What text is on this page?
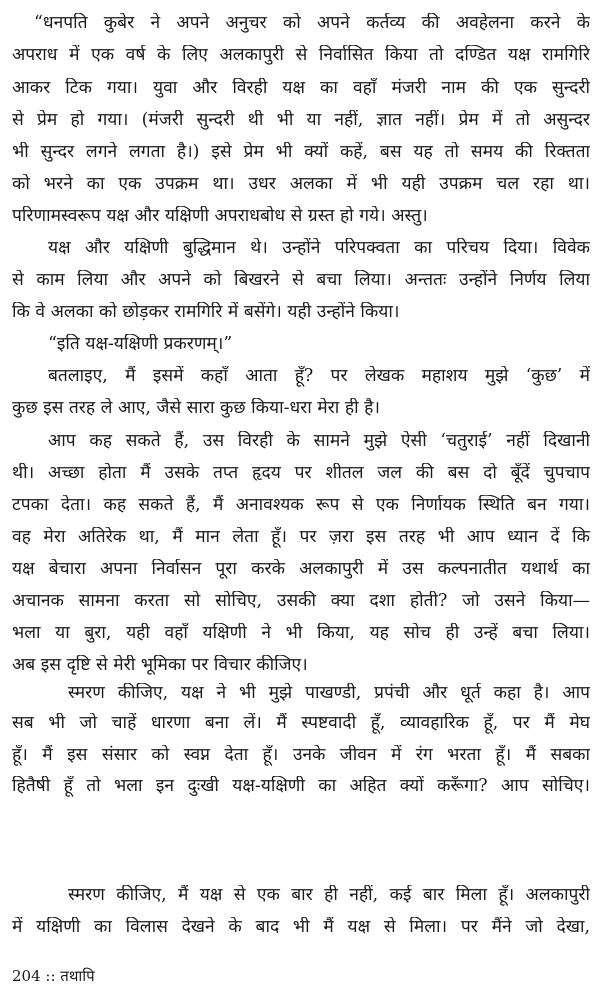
“धनपति कुबेर ने अपने अनुचर को अपने कर्तव्य की अवहेलना करने के
अपराध में एक वर्ष के लिए अलकापुरी से निर्वासित किया तो दण्डित यक्ष रामगिरि
आकर टिक गया। युवा और विरही यक्ष का वहाँ मंजरी नाम की एक सुन्दरी
से प्रेम हो गया। (मंजरी सुन्दरी थी भी या नहीं, ज्ञात नहीं। प्रेम में तो असुन्दर
भी सुन्दर लगने लगता है।) इसे प्रेम भी क्यों कहें, बस यह तो समय की रिक्तता
को भरने का एक उपक्रम था। उधर अलका में भी यही उपक्रम चल रहा था।
परिणामस्वरूप यक्ष और यक्षिणी अपराधबोध से ग्रस्त हो गये। अस्तु।
यक्ष और यक्षिणी बुद्धिमान थे। उन्होंने परिपक्वता का परिचय दिया। विवेक
से काम लिया और अपने को बिखरने से बचा लिया। अन्ततः उन्होंने निर्णय लिया
कि वे अलका को छोड़कर रामगिरि में बसेंगे। यही उन्होंने किया।
“इति यक्ष-यक्षिणी प्रकरणम्।”
बतलाइए, मैं इसमें कहाँ आता हूँ? पर लेखक महाशय मुझे ‘कुछ’ में
कुछ इस तरह ले आए, जैसे सारा कुछ किया-धरा मेरा ही है।
आप कह सकते हैं, उस विरही के सामने मुझे ऐसी ‘चतुराई’ नहीं दिखानी
थी। अच्छा होता मैं उसके तप्त हृदय पर शीतल जल की बस दो बूँदें चुपचाप
टपका देता। कह सकते हैं, मैं अनावश्यक रूप से एक निर्णायक स्थिति बन गया।
वह मेरा अतिरेक था, मैं मान लेता हूँ। पर ज़रा इस तरह भी आप ध्यान दें कि
यक्ष बेचारा अपना निर्वासन पूरा करके अलकापुरी में उस कल्पनातीत यथार्थ का
अचानक सामना करता सो सोचिए, उसकी क्या दशा होती? जो उसने किया—
भला या बुरा, यही वहाँ यक्षिणी ने भी किया, यह सोच ही उन्हें बचा लिया।
अब इस दृष्टि से मेरी भूमिका पर विचार कीजिए।
स्मरण कीजिए, यक्ष ने भी मुझे पाखण्डी, प्रपंची और धूर्त कहा है। आप
सब भी जो चाहें धारणा बना लें। मैं स्पष्टवादी हूँ, व्यावहारिक हूँ, पर मैं मेघ
हूँ। मैं इस संसार को स्वप्न देता हूँ। उनके जीवन में रंग भरता हूँ। मैं सबका
हितैषी हूँ तो भला इन दुःखी यक्ष-यक्षिणी का अहित क्यों करूँगा? आप सोचिए।
स्मरण कीजिए, मैं यक्ष से एक बार ही नहीं, कई बार मिला हूँ। अलकापुरी
में यक्षिणी का विलास देखने के बाद भी मैं यक्ष से मिला। पर मैंने जो देखा,
204 :: तथापि
